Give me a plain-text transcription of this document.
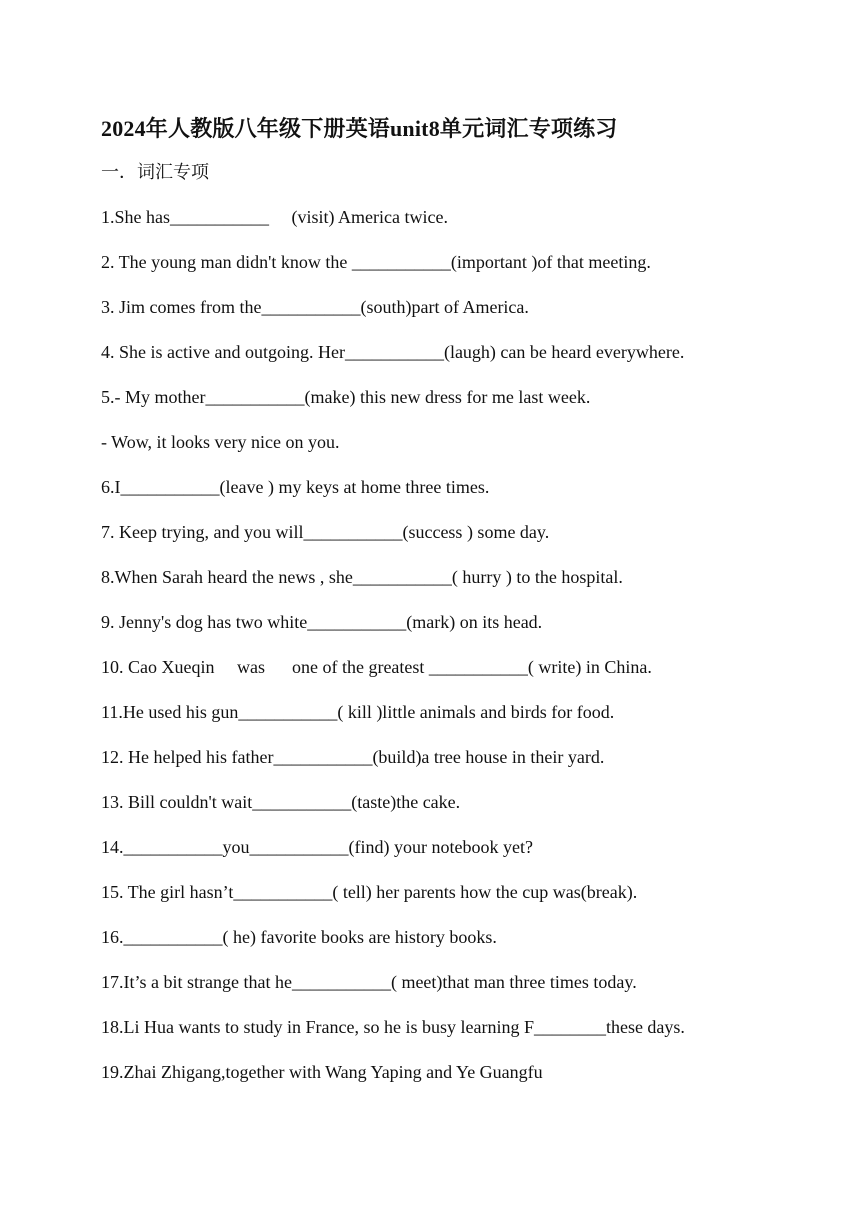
2024年人教版八年级下册英语unit8单元词汇专项练习
一．词汇专项
1.She has___________     (visit) America twice.
2. The young man didn't know the ___________(important )of that meeting.
3. Jim comes from the___________(south)part of America.
4. She is active and outgoing. Her___________(laugh) can be heard everywhere.
5.- My mother___________(make) this new dress for me last week.
- Wow, it looks very nice on you.
6.I___________(leave ) my keys at home three times.
7. Keep trying, and you will___________(success ) some day.
8.When Sarah heard the news , she___________( hurry ) to the hospital.
9. Jenny's dog has two white___________(mark) on its head.
10. Cao Xueqin     was      one of the greatest ___________( write) in China.
11.He used his gun___________( kill )little animals and birds for food.
12. He helped his father___________(build)a tree house in their yard.
13. Bill couldn't wait___________(taste)the cake.
14.___________you___________(find) your notebook yet?
15. The girl hasn’t___________( tell) her parents how the cup was(break).
16.___________( he) favorite books are history books.
17.It’s a bit strange that he___________( meet)that man three times today.
18.Li Hua wants to study in France, so he is busy learning F________these days.
19.Zhai Zhigang,together with Wang Yaping and Ye Guangfu
